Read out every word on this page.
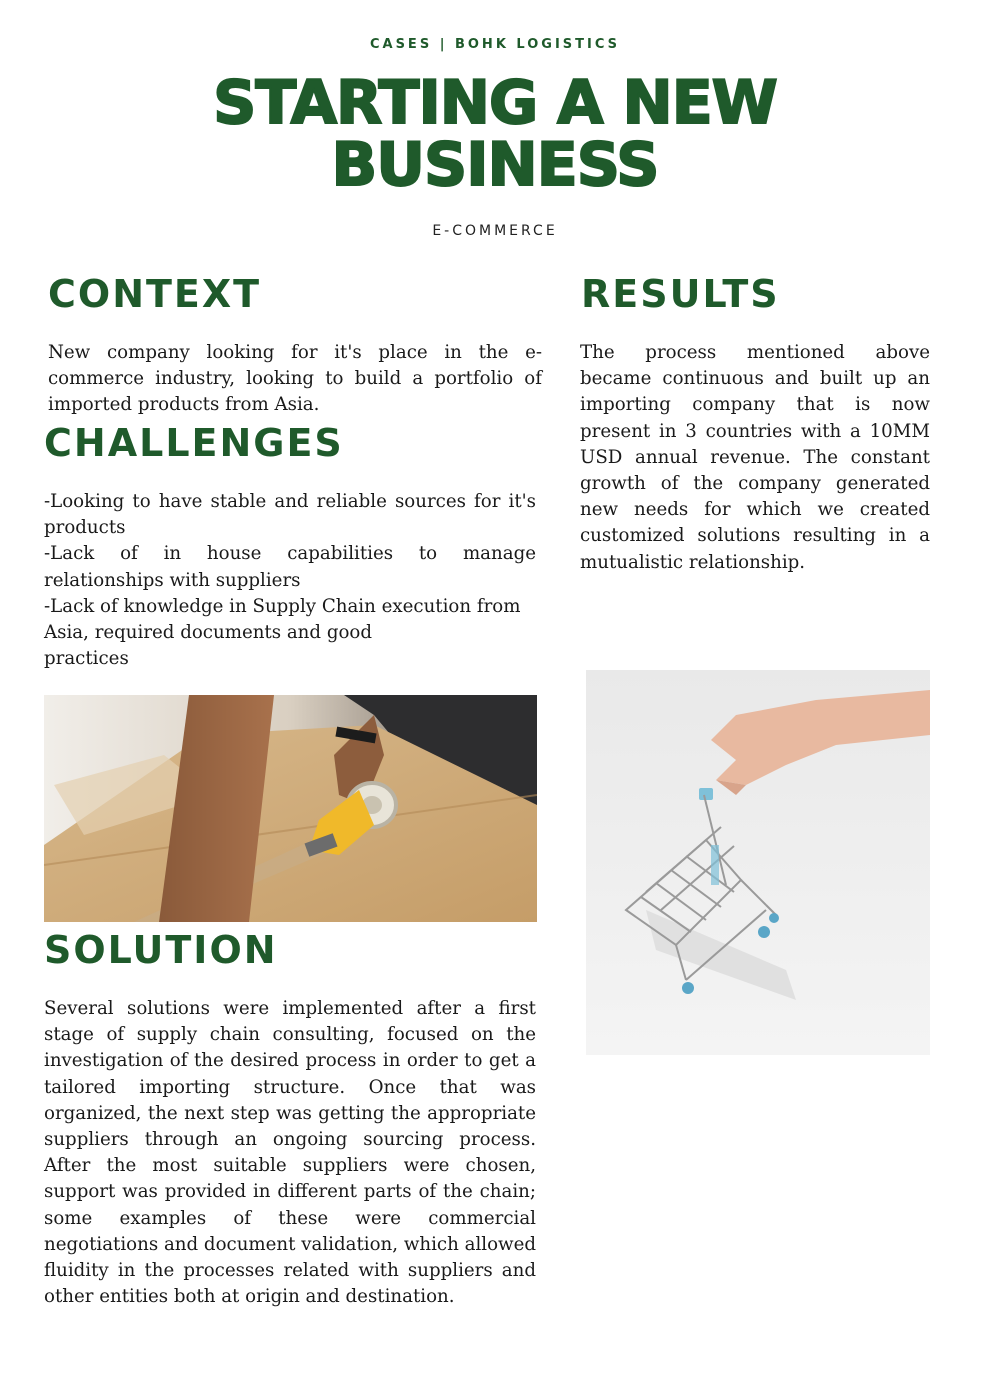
CASES | BOHK LOGISTICS
STARTING A NEW
BUSINESS
E-COMMERCE
CONTEXT

New company looking for it's place in the e-commerce industry, looking to build a portfolio of imported products from Asia.

CHALLENGES
-Looking to have stable and reliable sources for it's products
-Lack of in house capabilities to manage relationships with suppliers
-Lack of knowledge in Supply Chain execution from Asia, required documents and good
practices
RESULTS

The process mentioned above became continuous and built up an importing company that is now present in 3 countries with a 10MM USD annual revenue. The constant growth of the company generated new needs for which we created customized solutions resulting in a mutualistic relationship.

SOLUTION

Several solutions were implemented after a first stage of supply chain consulting, focused on the investigation of the desired process in order to get a tailored importing structure. Once that was organized, the next step was getting the appropriate suppliers through an ongoing sourcing process. After the most suitable suppliers were chosen, support was provided in different parts of the chain; some examples of these were commercial negotiations and document validation, which allowed fluidity in the processes related with suppliers and other entities both at origin and destination.
